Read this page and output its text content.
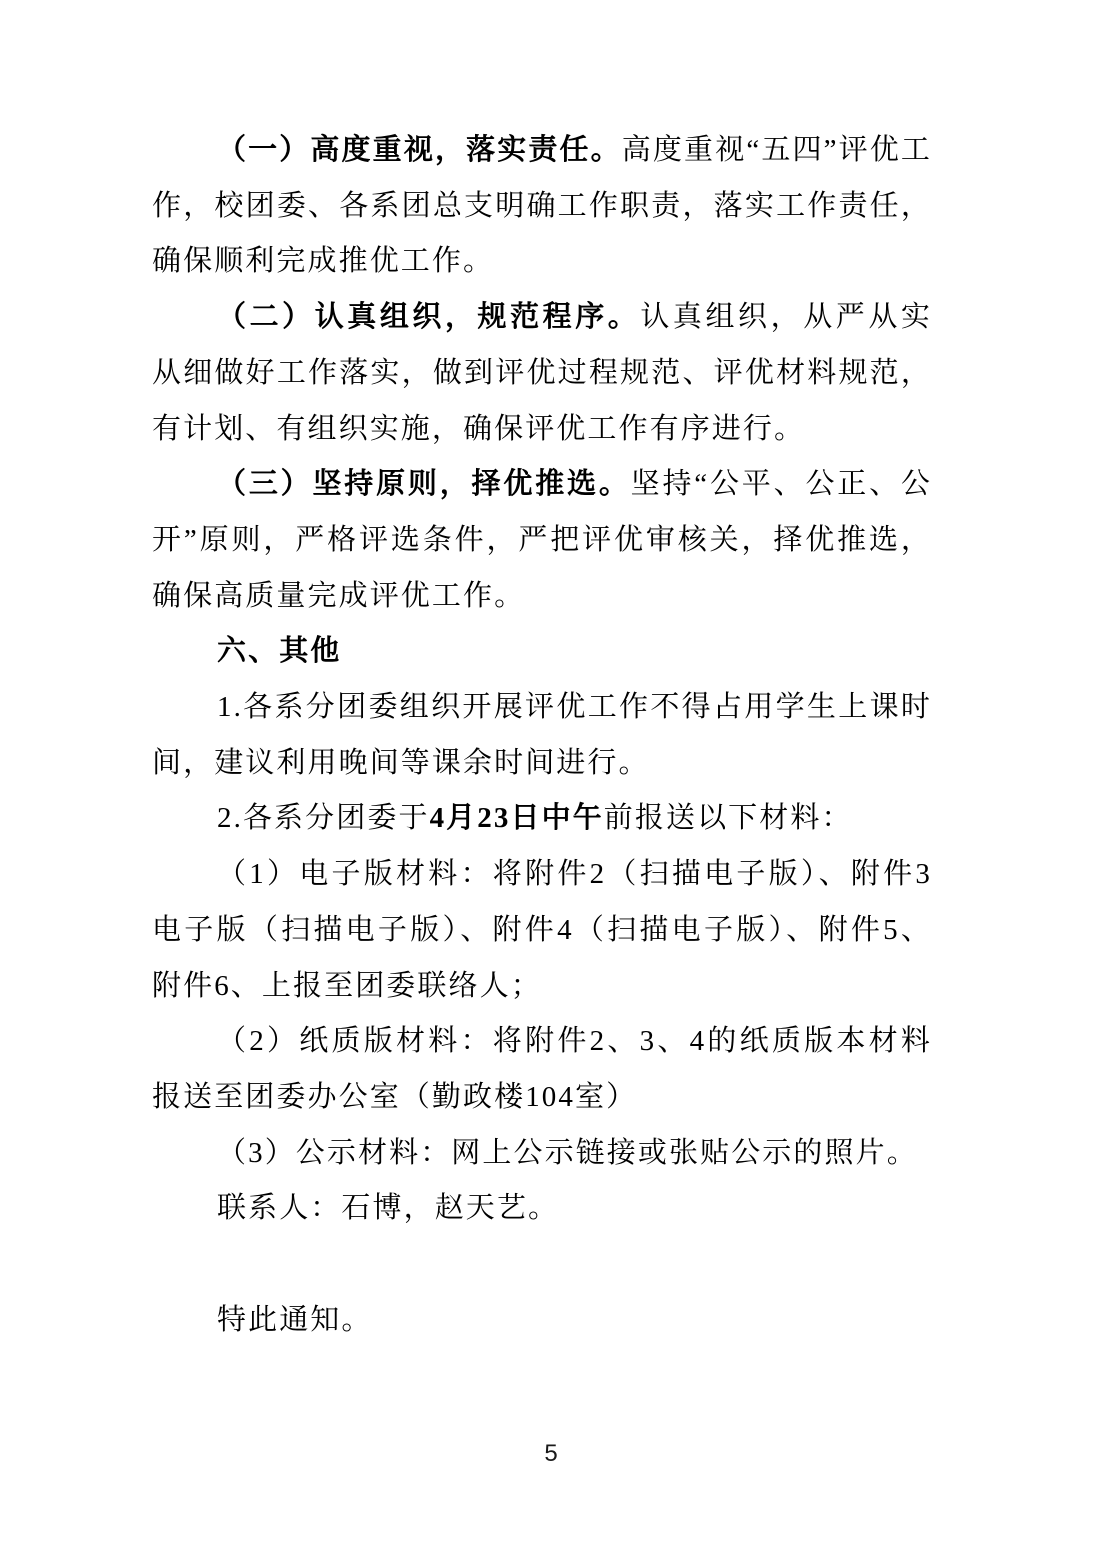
（一）高度重视，落实责任。高度重视“五四”评优工作，校团委、各系团总支明确工作职责，落实工作责任，确保顺利完成推优工作。

（二）认真组织，规范程序。认真组织，从严从实从细做好工作落实，做到评优过程规范、评优材料规范，有计划、有组织实施，确保评优工作有序进行。

（三）坚持原则，择优推选。坚持“公平、公正、公开”原则，严格评选条件，严把评优审核关，择优推选，确保高质量完成评优工作。

六、其他

1.各系分团委组织开展评优工作不得占用学生上课时间，建议利用晚间等课余时间进行。

2.各系分团委于4月23日中午前报送以下材料：

（1）电子版材料：将附件2（扫描电子版）、附件3电子版（扫描电子版）、附件4（扫描电子版）、附件5、附件6、上报至团委联络人；

（2）纸质版材料：将附件2、3、4的纸质版本材料报送至团委办公室（勤政楼104室）

（3）公示材料：网上公示链接或张贴公示的照片。

联系人：石博，赵天艺。

特此通知。

5
